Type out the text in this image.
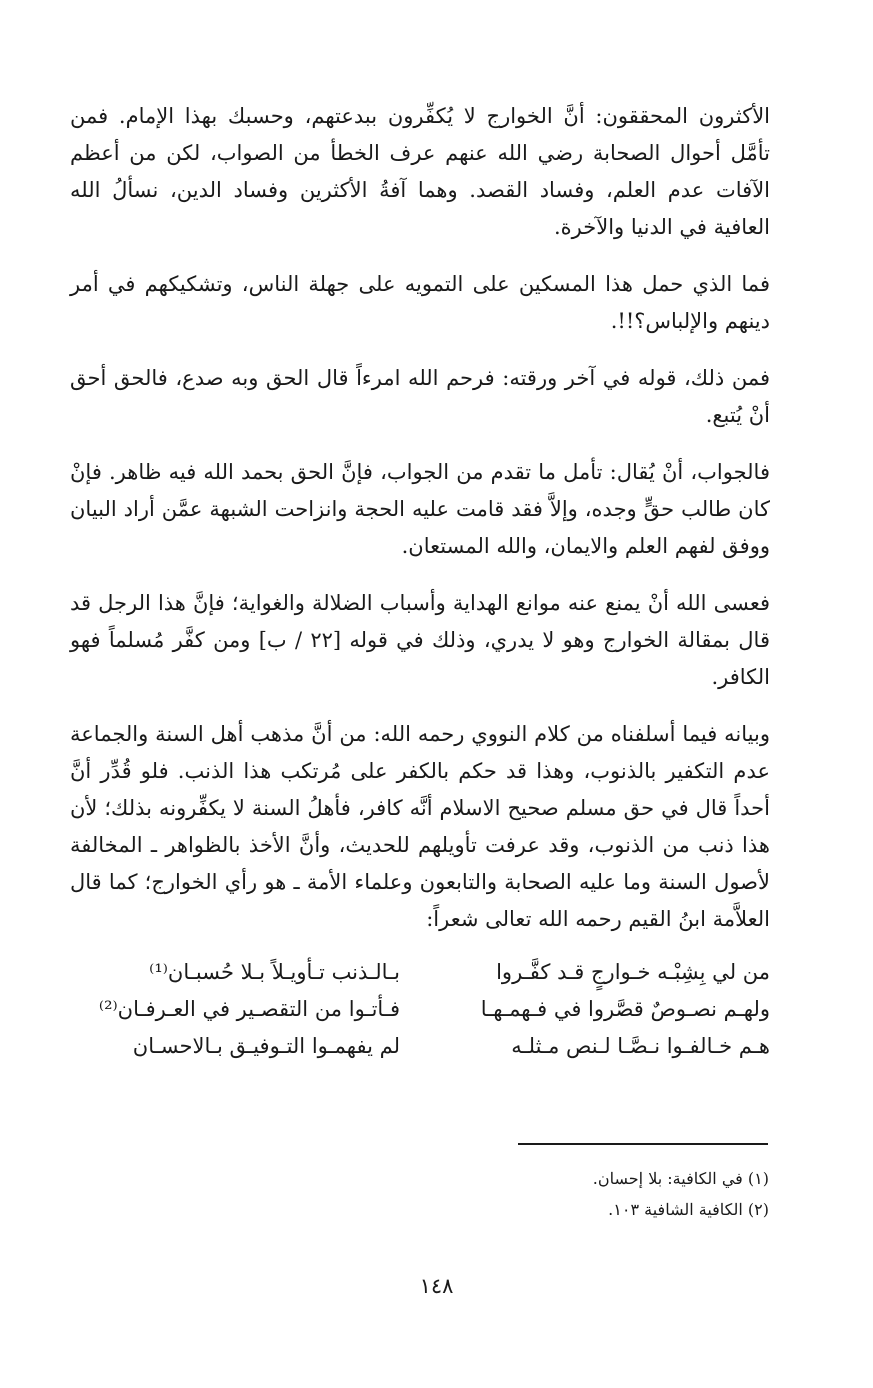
الأكثرون المحققون: أنَّ الخوارج لا يُكفِّرون ببدعتهم، وحسبك بهذا الإمام. فمن تأمَّل أحوال الصحابة رضي الله عنهم عرف الخطأ من الصواب، لكن من أعظم الآفات عدم العلم، وفساد القصد. وهما آفةُ الأكثرين وفساد الدين، نسألُ الله العافية في الدنيا والآخرة.

فما الذي حمل هذا المسكين على التمويه على جهلة الناس، وتشكيكهم في أمر دينهم والإلباس؟!!.

فمن ذلك، قوله في آخر ورقته: فرحم الله امرءاً قال الحق وبه صدع، فالحق أحق أنْ يُتبع.

فالجواب، أنْ يُقال: تأمل ما تقدم من الجواب، فإنَّ الحق بحمد الله فيه ظاهر. فإنْ كان طالب حقٍّ وجده، وإلاَّ فقد قامت عليه الحجة وانزاحت الشبهة عمَّن أراد البيان ووفق لفهم العلم والايمان، والله المستعان.

فعسى الله أنْ يمنع عنه موانع الهداية وأسباب الضلالة والغواية؛ فإنَّ هذا الرجل قد قال بمقالة الخوارج وهو لا يدري، وذلك في قوله [٢٢ / ب] ومن كفَّر مُسلماً فهو الكافر.

وبيانه فيما أسلفناه من كلام النووي رحمه الله: من أنَّ مذهب أهل السنة والجماعة عدم التكفير بالذنوب، وهذا قد حكم بالكفر على مُرتكب هذا الذنب. فلو قُدِّر أنَّ أحداً قال في حق مسلم صحيح الاسلام أنَّه كافر، فأهلُ السنة لا يكفِّرونه بذلك؛ لأن هذا ذنب من الذنوب، وقد عرفت تأويلهم للحديث، وأنَّ الأخذ بالظواهر ـ المخالفة لأصول السنة وما عليه الصحابة والتابعون وعلماء الأمة ـ هو رأي الخوارج؛ كما قال العلاَّمة ابنُ القيم رحمه الله تعالى شعراً:

من لي بِشِبْـه خـوارجٍ قـد كفَّـروا
بـالـذنب تـأويـلاً بـلا حُسبـان⁽¹⁾
ولهـم نصـوصٌ قصَّروا في فـهمـهـا
فـأتـوا من التقصـير في العـرفـان⁽²⁾
هـم خـالفـوا نـصَّـا لـنص مـثلـه
لم يفهمـوا التـوفيـق بـالاحسـان
(١) في الكافية: بلا إحسان.
(٢) الكافية الشافية ١٠٣.
١٤٨
